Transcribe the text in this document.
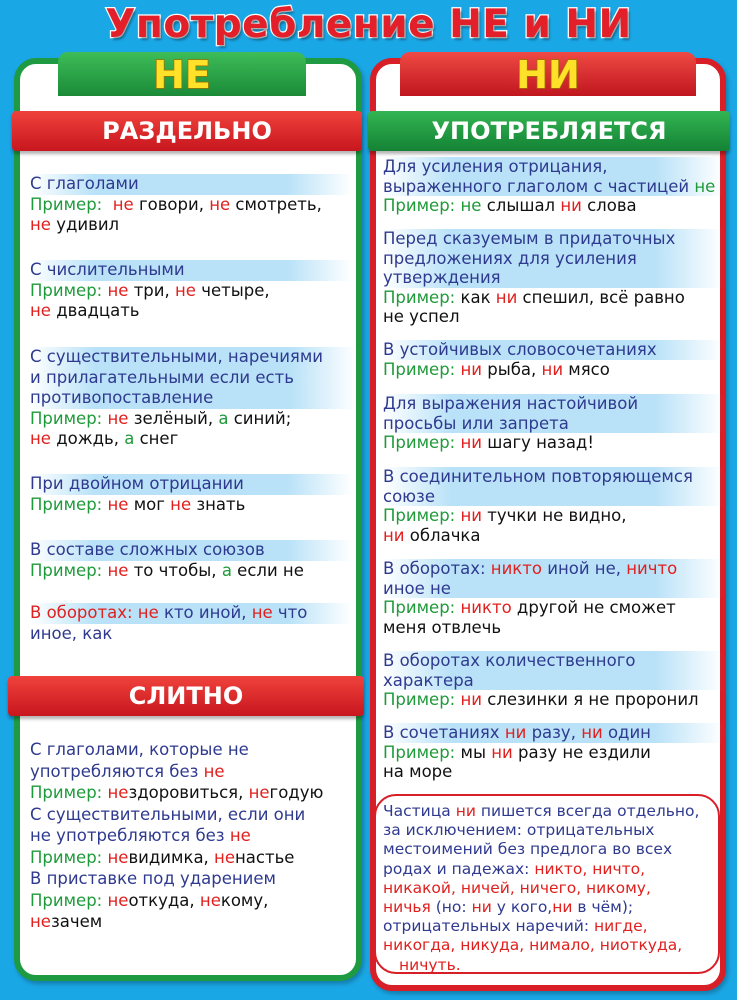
Употребление НЕ и НИ
НЕ	НИ
РАЗДЕЛЬНО	УПОТРЕБЛЯЕТСЯ
СЛИТНО
С глаголами
Пример: не говори, не смотреть,
не удивил
С числительными
Пример: не три, не четыре,
не двадцать
С существительными, наречиями
и прилагательными если есть
противопоставление
Пример: не зелёный, а синий;
не дождь, а снег
При двойном отрицании
Пример: не мог не знать
В составе сложных союзов
Пример: не то чтобы, а если не
В оборотах: не кто иной, не что
иное, как
С глаголами, которые не
употребляются без не
Пример: нездоровиться, негодую
С существительными, если они
не употребляются без не
Пример: невидимка, ненастье
В приставке под ударением
Пример: неоткуда, некому,
незачем
Для усиления отрицания,
выраженного глаголом с частицей не
Пример: не слышал ни слова
Перед сказуемым в придаточных
предложениях для усиления
утверждения
Пример: как ни спешил, всё равно
не успел
В устойчивых словосочетаниях
Пример: ни рыба, ни мясо
Для выражения настойчивой
просьбы или запрета
Пример: ни шагу назад!
В соединительном повторяющемся
союзе
Пример: ни тучки не видно,
ни облачка
В оборотах: никто иной не, ничто
иное не
Пример: никто другой не сможет
меня отвлечь
В оборотах количественного
характера
Пример: ни слезинки я не проронил
В сочетаниях ни разу, ни один
Пример: мы ни разу не ездили
на море
Частица ни пишется всегда отдельно,
за исключением: отрицательных
местоимений без предлога во всех
родах и падежах: никто, ничто,
никакой, ничей, ничего, никому,
ничья (но: ни у кого,ни в чём);
отрицательных наречий: нигде,
никогда, никуда, нимало, ниоткуда,
ничуть.
